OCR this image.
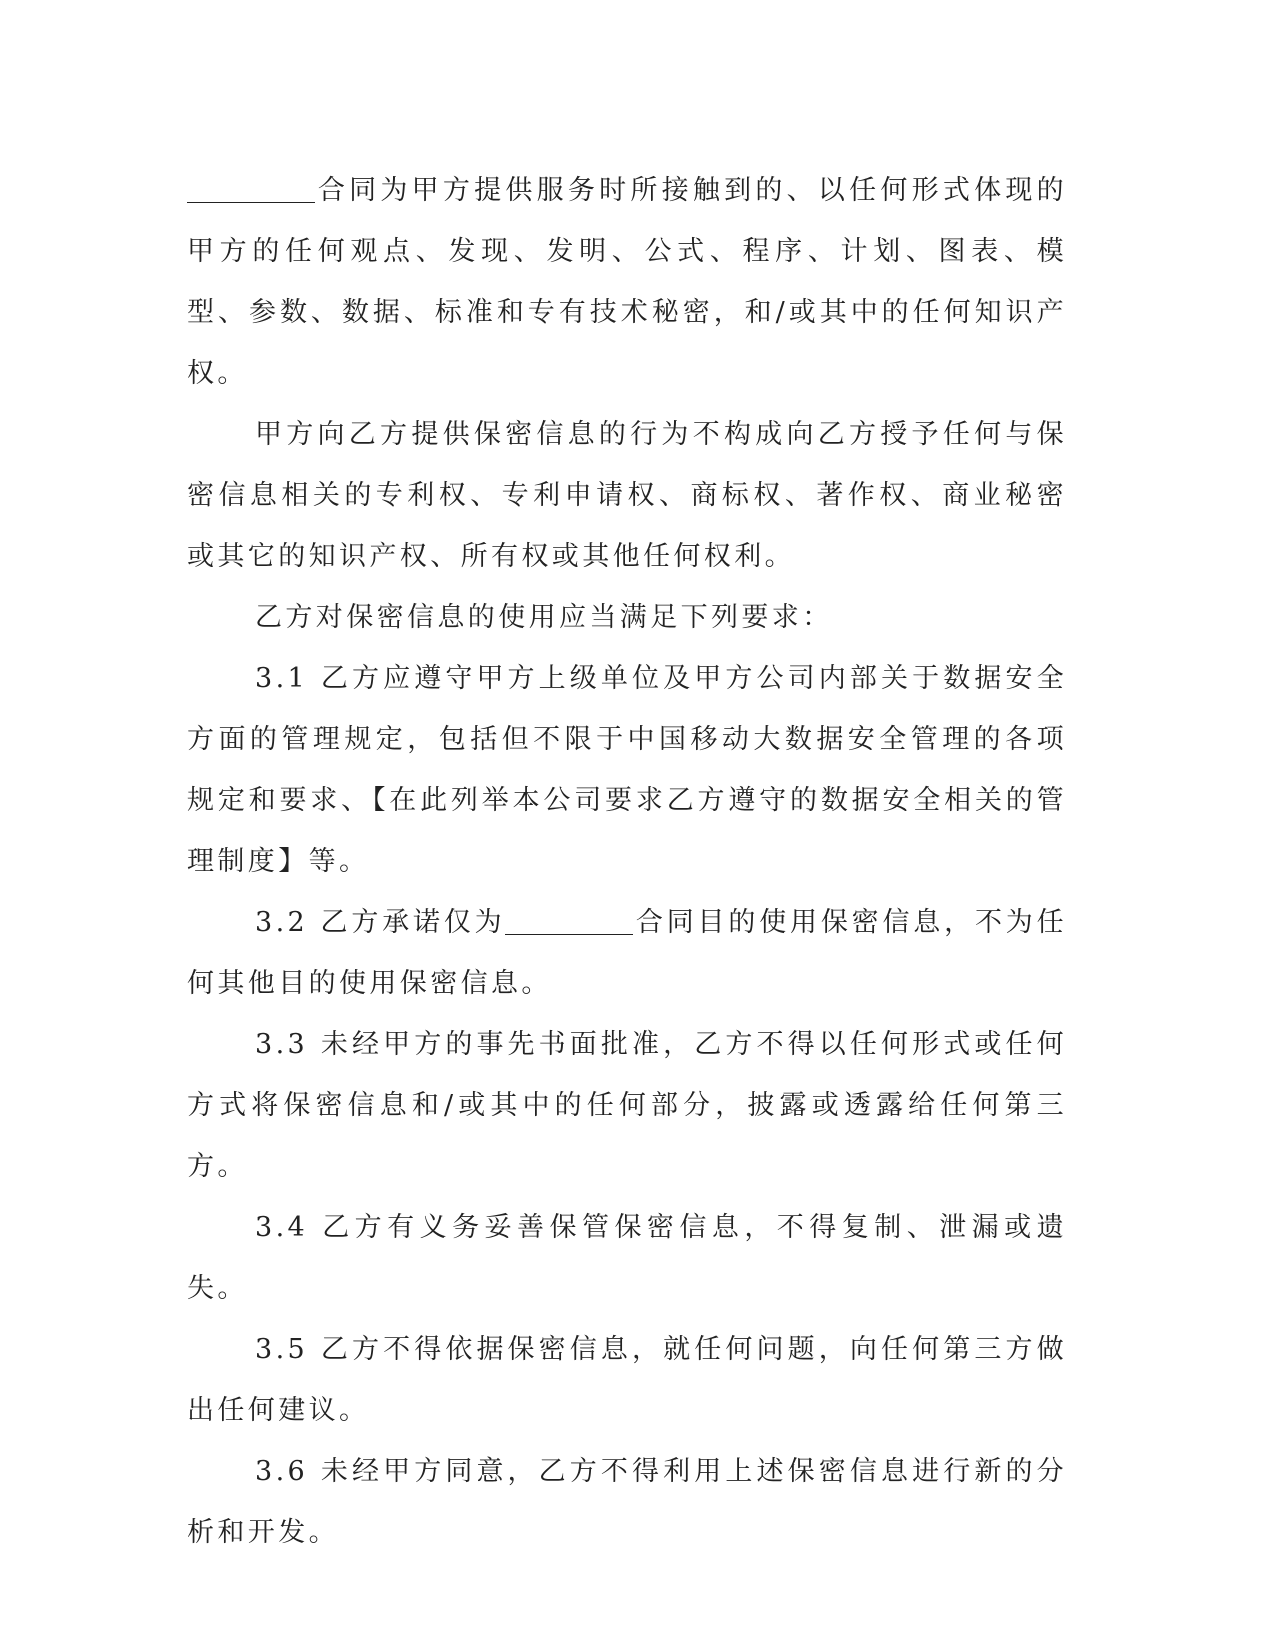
合同为甲方提供服务时所接触到的、以任何形式体现的甲方的任何观点、发现、发明、公式、程序、计划、图表、模型、参数、数据、标准和专有技术秘密，和/或其中的任何知识产权。

甲方向乙方提供保密信息的行为不构成向乙方授予任何与保密信息相关的专利权、专利申请权、商标权、著作权、商业秘密或其它的知识产权、所有权或其他任何权利。

乙方对保密信息的使用应当满足下列要求：

3.1 乙方应遵守甲方上级单位及甲方公司内部关于数据安全方面的管理规定，包括但不限于中国移动大数据安全管理的各项规定和要求、【在此列举本公司要求乙方遵守的数据安全相关的管理制度】等。

3.2 乙方承诺仅为	合同目的使用保密信息，不为任何其他目的使用保密信息。

3.3 未经甲方的事先书面批准，乙方不得以任何形式或任何方式将保密信息和/或其中的任何部分，披露或透露给任何第三方。

3.4 乙方有义务妥善保管保密信息，不得复制、泄漏或遗失。

3.5 乙方不得依据保密信息，就任何问题，向任何第三方做出任何建议。

3.6 未经甲方同意，乙方不得利用上述保密信息进行新的分析和开发。
